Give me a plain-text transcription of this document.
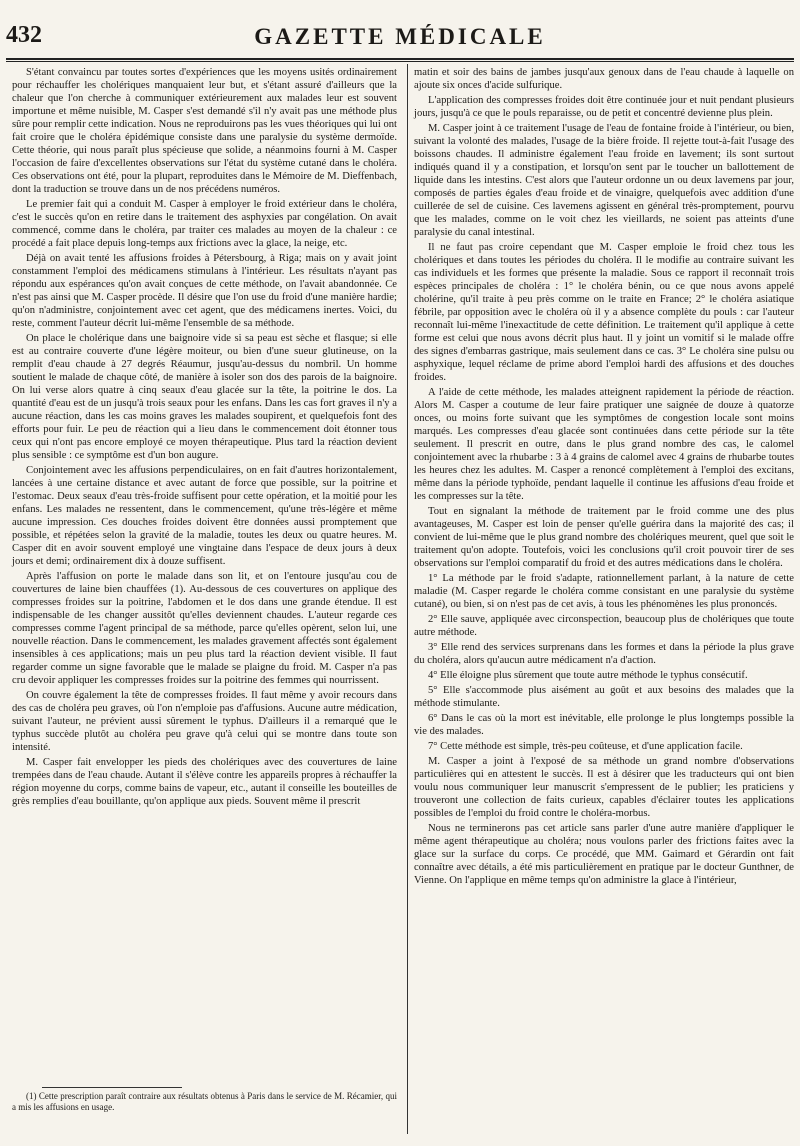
432	GAZETTE MÉDICALE

S'étant convaincu par toutes sortes d'expériences que les moyens usités ordinairement pour réchauffer les cholériques manquaient leur but, et s'étant assuré d'ailleurs que la chaleur que l'on cherche à communiquer extérieurement aux malades leur est souvent importune et même nuisible, M. Casper s'est demandé s'il n'y avait pas une méthode plus sûre pour remplir cette indication. Nous ne reproduirons pas les vues théoriques qui lui ont fait croire que le choléra épidémique consiste dans une paralysie du système dermoïde. Cette théorie, qui nous paraît plus spécieuse que solide, a néanmoins fourni à M. Casper l'occasion de faire d'excellentes observations sur l'état du système cutané dans le choléra. Ces observations ont été, pour la plupart, reproduites dans le Mémoire de M. Dieffenbach, dont la traduction se trouve dans un de nos précédens numéros.

Le premier fait qui a conduit M. Casper à employer le froid extérieur dans le choléra, c'est le succès qu'on en retire dans le traitement des asphyxies par congélation. On avait commencé, comme dans le choléra, par traiter ces malades au moyen de la chaleur : ce procédé a fait place depuis long-temps aux frictions avec la glace, la neige, etc.

Déjà on avait tenté les affusions froides à Pétersbourg, à Riga; mais on y avait joint constamment l'emploi des médicamens stimulans à l'intérieur. Les résultats n'ayant pas répondu aux espérances qu'on avait conçues de cette méthode, on l'avait abandonnée. Ce n'est pas ainsi que M. Casper procède. Il désire que l'on use du froid d'une manière hardie; qu'on n'administre, conjointement avec cet agent, que des médicamens inertes. Voici, du reste, comment l'auteur décrit lui-même l'ensemble de sa méthode.

On place le cholérique dans une baignoire vide si sa peau est sèche et flasque; si elle est au contraire couverte d'une légère moiteur, ou bien d'une sueur glutineuse, on la remplit d'eau chaude à 27 degrés Réaumur, jusqu'au-dessus du nombril. Un homme soutient le malade de chaque côté, de manière à isoler son dos des parois de la baignoire. On lui verse alors quatre à cinq seaux d'eau glacée sur la tête, la poitrine le dos. La quantité d'eau est de un jusqu'à trois seaux pour les enfans. Dans les cas fort graves il n'y a aucune réaction, dans les cas moins graves les malades soupirent, et quelquefois font des efforts pour fuir. Le peu de réaction qui a lieu dans le commencement doit étonner tous ceux qui n'ont pas encore employé ce moyen thérapeutique. Plus tard la réaction devient plus sensible : ce symptôme est d'un bon augure.

Conjointement avec les affusions perpendiculaires, on en fait d'autres horizontalement, lancées à une certaine distance et avec autant de force que possible, sur la poitrine et l'estomac. Deux seaux d'eau très-froide suffisent pour cette opération, et la moitié pour les enfans. Les malades ne ressentent, dans le commencement, qu'une très-légère et même aucune impression. Ces douches froides doivent être données aussi promptement que possible, et répétées selon la gravité de la maladie, toutes les deux ou quatre heures. M. Casper dit en avoir souvent employé une vingtaine dans l'espace de deux jours à deux jours et demi; ordinairement dix à douze suffisent.

Après l'affusion on porte le malade dans son lit, et on l'entoure jusqu'au cou de couvertures de laine bien chauffées (1). Au-dessous de ces couvertures on applique des compresses froides sur la poitrine, l'abdomen et le dos dans une grande étendue. Il est indispensable de les changer aussitôt qu'elles deviennent chaudes. L'auteur regarde ces compresses comme l'agent principal de sa méthode, parce qu'elles opèrent, selon lui, une nouvelle réaction. Dans le commencement, les malades gravement affectés sont également insensibles à ces applications; mais un peu plus tard la réaction devient visible. Il faut regarder comme un signe favorable que le malade se plaigne du froid. M. Casper n'a pas cru devoir appliquer les compresses froides sur la poitrine des femmes qui nourrissent.

On couvre également la tête de compresses froides. Il faut même y avoir recours dans des cas de choléra peu graves, où l'on n'emploie pas d'affusions. Aucune autre médication, suivant l'auteur, ne prévient aussi sûrement le typhus. D'ailleurs il a remarqué que le typhus succède plutôt au choléra peu grave qu'à celui qui se montre dans toute son intensité.

M. Casper fait envelopper les pieds des cholériques avec des couvertures de laine trempées dans de l'eau chaude. Autant il s'élève contre les appareils propres à réchauffer la région moyenne du corps, comme bains de vapeur, etc., autant il conseille les bouteilles de grès remplies d'eau bouillante, qu'on applique aux pieds. Souvent même il prescrit

matin et soir des bains de jambes jusqu'aux genoux dans de l'eau chaude à laquelle on ajoute six onces d'acide sulfurique.

L'application des compresses froides doit être continuée jour et nuit pendant plusieurs jours, jusqu'à ce que le pouls reparaisse, ou de petit et concentré devienne plus plein.

M. Casper joint à ce traitement l'usage de l'eau de fontaine froide à l'intérieur, ou bien, suivant la volonté des malades, l'usage de la bière froide. Il rejette tout-à-fait l'usage des boissons chaudes. Il administre également l'eau froide en lavement; ils sont surtout indiqués quand il y a constipation, et lorsqu'on sent par le toucher un ballottement de liquide dans les intestins. C'est alors que l'auteur ordonne un ou deux lavemens par jour, composés de parties égales d'eau froide et de vinaigre, quelquefois avec addition d'une cuillerée de sel de cuisine. Ces lavemens agissent en général très-promptement, pourvu que les malades, comme on le voit chez les vieillards, ne soient pas atteints d'une paralysie du canal intestinal.

Il ne faut pas croire cependant que M. Casper emploie le froid chez tous les cholériques et dans toutes les périodes du choléra. Il le modifie au contraire suivant les cas individuels et les formes que présente la maladie. Sous ce rapport il reconnaît trois espèces principales de choléra : 1° le choléra bénin, ou ce que nous avons appelé cholérine, qu'il traite à peu près comme on le traite en France; 2° le choléra asiatique fébrile, par opposition avec le choléra où il y a absence complète du pouls : car l'auteur reconnaît lui-même l'inexactitude de cette définition. Le traitement qu'il applique à cette forme est celui que nous avons décrit plus haut. Il y joint un vomitif si le malade offre des signes d'embarras gastrique, mais seulement dans ce cas. 3° Le choléra sine pulsu ou asphyxique, lequel réclame de prime abord l'emploi hardi des affusions et des douches froides.

A l'aide de cette méthode, les malades atteignent rapidement la période de réaction. Alors M. Casper a coutume de leur faire pratiquer une saignée de douze à quatorze onces, ou moins forte suivant que les symptômes de congestion locale sont moins marqués. Les compresses d'eau glacée sont continuées dans cette période sur la tête seulement. Il prescrit en outre, dans le plus grand nombre des cas, le calomel conjointement avec la rhubarbe : 3 à 4 grains de calomel avec 4 grains de rhubarbe toutes les heures chez les adultes. M. Casper a renoncé complètement à l'emploi des excitans, même dans la période typhoïde, pendant laquelle il continue les affusions d'eau froide et les compresses sur la tête.

Tout en signalant la méthode de traitement par le froid comme une des plus avantageuses, M. Casper est loin de penser qu'elle guérira dans la majorité des cas; il convient de lui-même que le plus grand nombre des cholériques meurent, quel que soit le traitement qu'on adopte. Toutefois, voici les conclusions qu'il croit pouvoir tirer de ses observations sur l'emploi comparatif du froid et des autres médications dans le choléra.

1° La méthode par le froid s'adapte, rationnellement parlant, à la nature de cette maladie (M. Casper regarde le choléra comme consistant en une paralysie du système cutané), ou bien, si on n'est pas de cet avis, à tous les phénomènes les plus prononcés.

2° Elle sauve, appliquée avec circonspection, beaucoup plus de cholériques que toute autre méthode.

3° Elle rend des services surprenans dans les formes et dans la période la plus grave du choléra, alors qu'aucun autre médicament n'a d'action.

4° Elle éloigne plus sûrement que toute autre méthode le typhus consécutif.

5° Elle s'accommode plus aisément au goût et aux besoins des malades que la méthode stimulante.

6° Dans le cas où la mort est inévitable, elle prolonge le plus longtemps possible la vie des malades.

7° Cette méthode est simple, très-peu coûteuse, et d'une application facile.

M. Casper a joint à l'exposé de sa méthode un grand nombre d'observations particulières qui en attestent le succès. Il est à désirer que les traducteurs qui ont bien voulu nous communiquer leur manuscrit s'empressent de le publier; les praticiens y trouveront une collection de faits curieux, capables d'éclairer toutes les applications possibles de l'emploi du froid contre le choléra-morbus.

Nous ne terminerons pas cet article sans parler d'une autre manière d'appliquer le même agent thérapeutique au choléra; nous voulons parler des frictions faites avec la glace sur la surface du corps. Ce procédé, que MM. Gaimard et Gérardin ont fait connaître avec détails, a été mis particulièrement en pratique par le docteur Gunthner, de Vienne. On l'applique en même temps qu'on administre la glace à l'intérieur,

(1) Cette prescription paraît contraire aux résultats obtenus à Paris dans le service de M. Récamier, qui a mis les affusions en usage.
